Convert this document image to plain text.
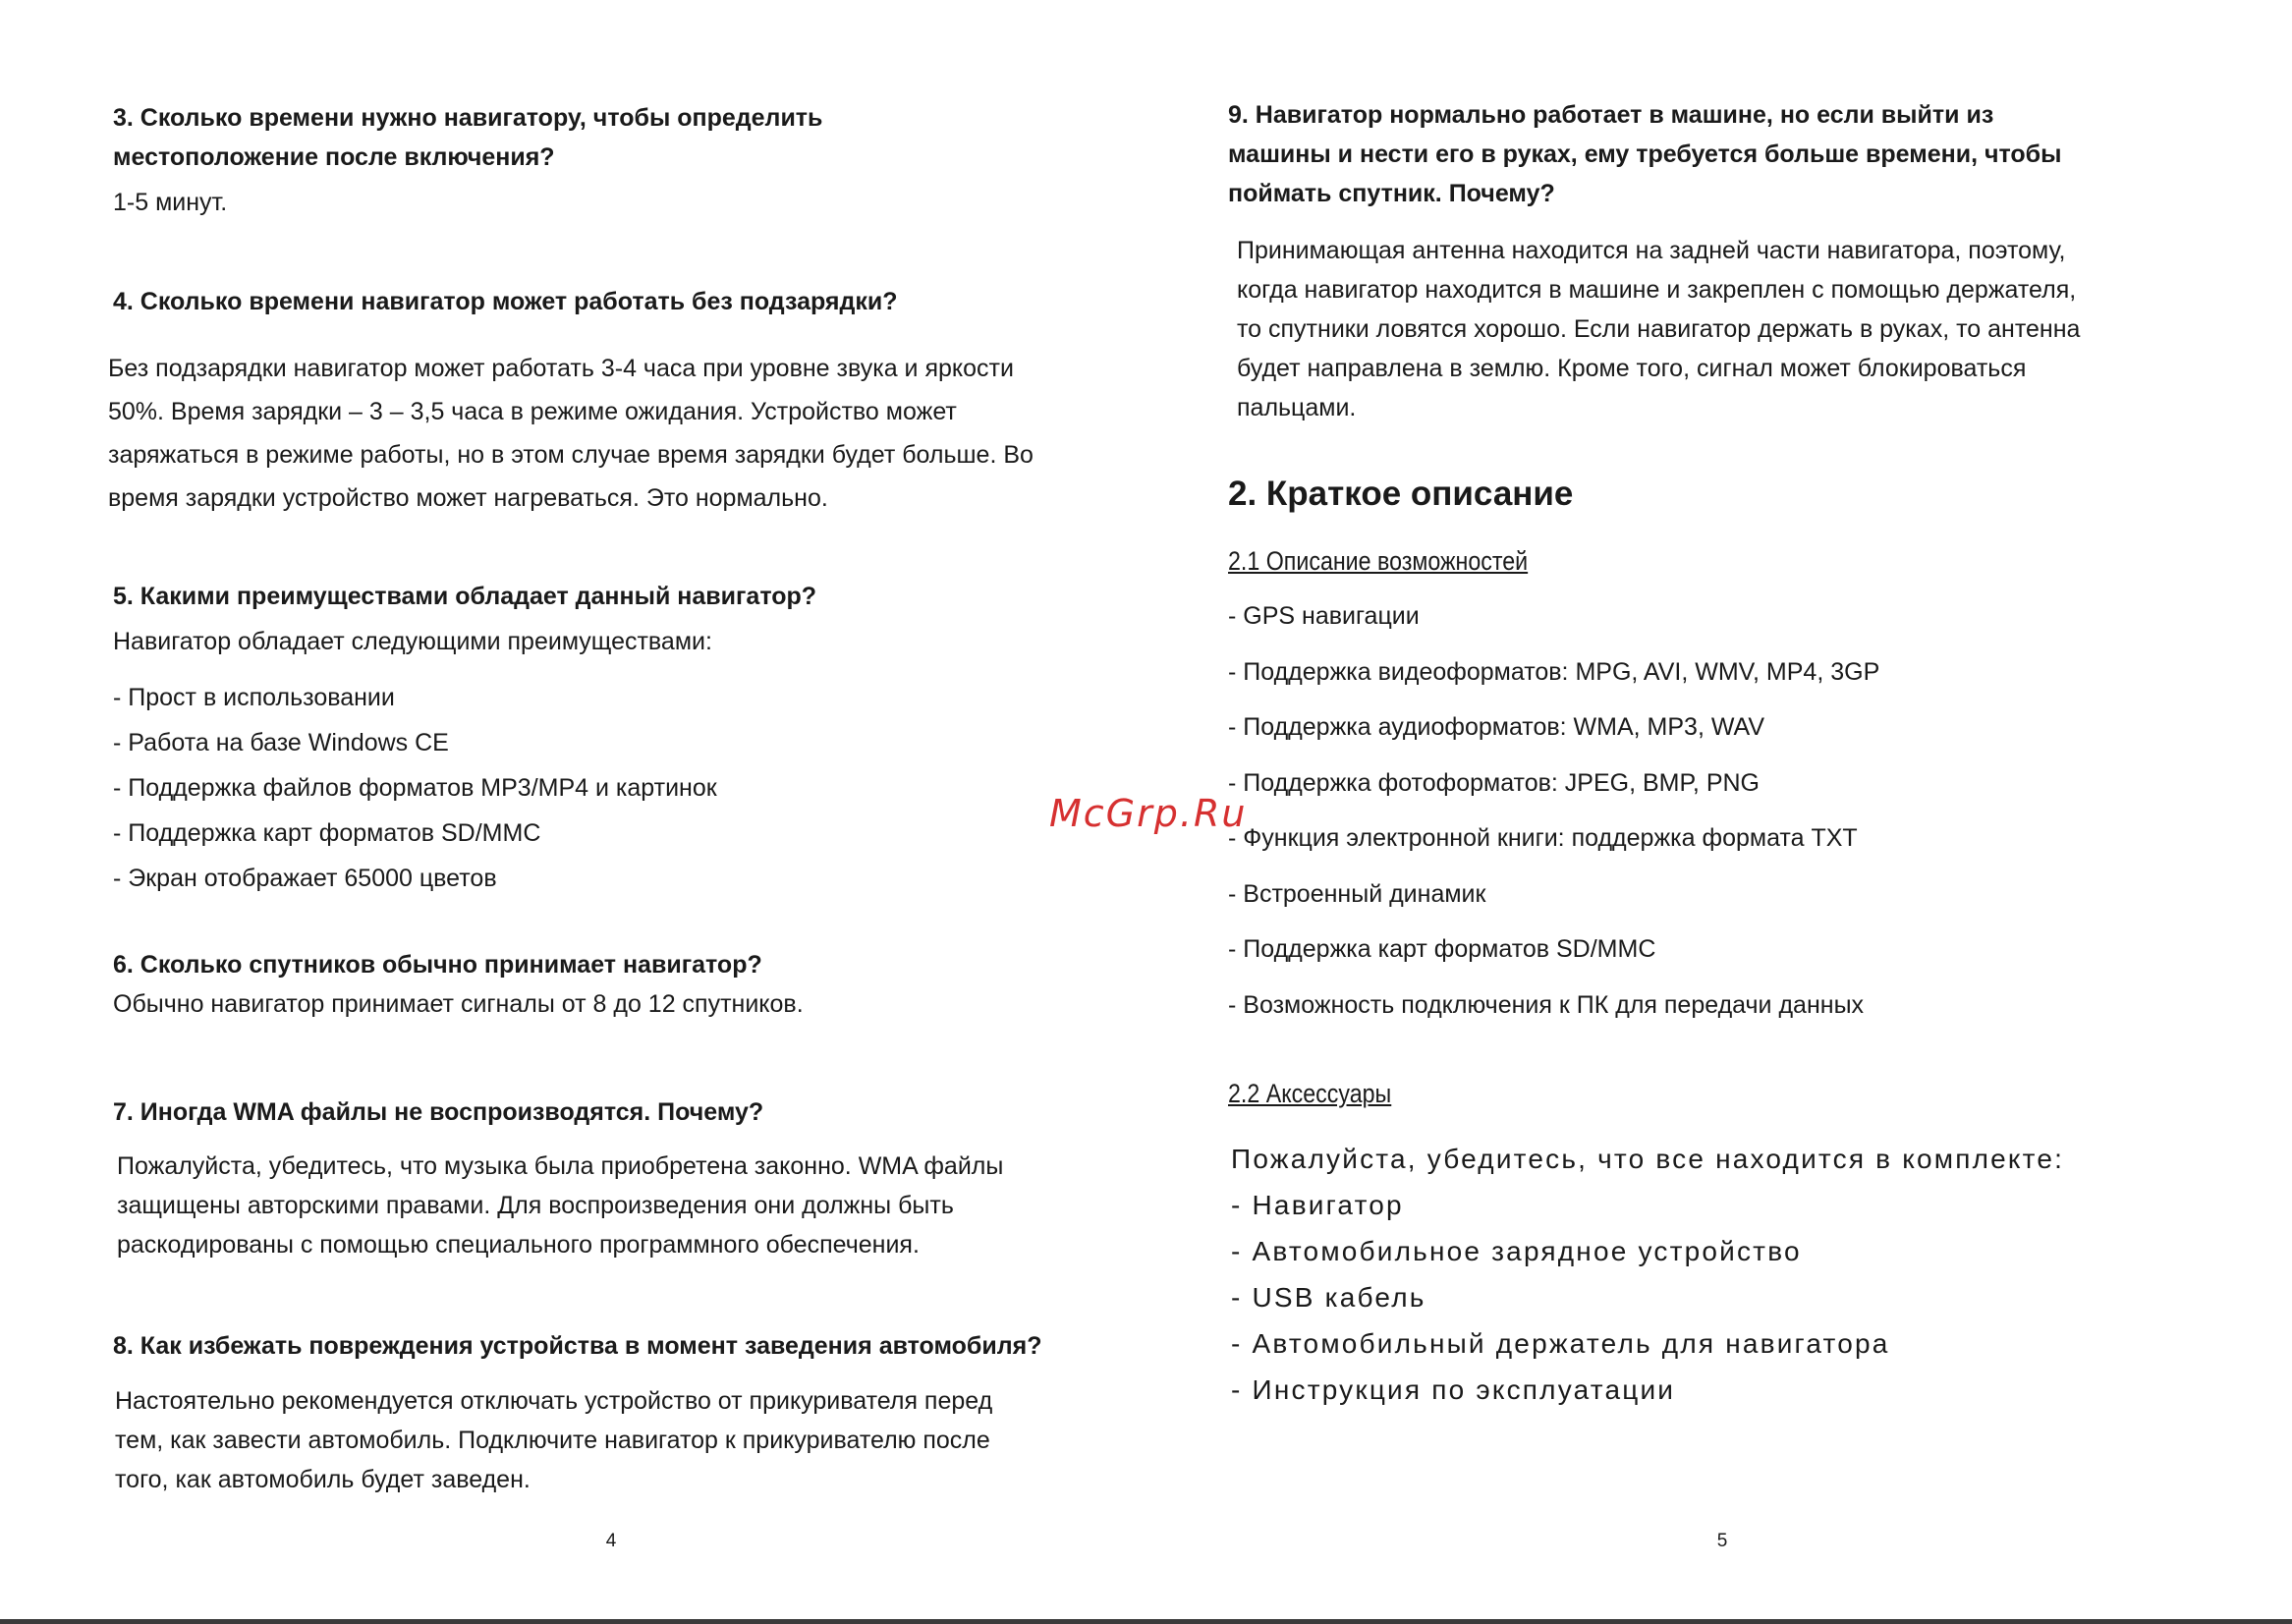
3. Сколько времени нужно навигатору, чтобы определить

местоположение после включения?

1-5 минут.

4. Сколько времени навигатор может работать без подзарядки?

Без подзарядки навигатор может работать 3-4 часа при уровне звука и яркости

50%. Время зарядки – 3 – 3,5 часа в режиме ожидания. Устройство может

заряжаться в режиме работы, но в этом случае время зарядки будет больше. Во

время зарядки устройство может нагреваться. Это нормально.

5. Какими преимуществами обладает данный навигатор?

Навигатор обладает следующими преимуществами:

- Прост в использовании

- Работа на базе Windows CE

- Поддержка файлов форматов MP3/MP4 и картинок

- Поддержка карт форматов SD/MMC

- Экран отображает 65000 цветов

6. Сколько спутников обычно принимает навигатор?

Обычно навигатор принимает сигналы от 8 до 12 спутников.

7. Иногда WMA файлы не воспроизводятся. Почему?

Пожалуйста, убедитесь, что музыка была приобретена законно. WMA файлы

защищены авторскими правами. Для воспроизведения они должны быть

раскодированы с помощью специального программного обеспечения.

8. Как избежать повреждения устройства в момент заведения автомобиля?

Настоятельно рекомендуется отключать устройство от прикуривателя перед

тем, как завести автомобиль. Подключите навигатор к прикуривателю после

того, как автомобиль будет заведен.

4

9. Навигатор нормально работает в машине, но если выйти из

машины и нести его в руках, ему требуется больше времени, чтобы

поймать спутник. Почему?

Принимающая антенна находится на задней части навигатора, поэтому,

когда навигатор находится в машине и закреплен с помощью держателя,

то спутники ловятся хорошо. Если навигатор держать в руках, то антенна

будет направлена в землю. Кроме того, сигнал может блокироваться

пальцами.

2. Краткое описание

2.1 Описание возможностей

- GPS навигации

- Поддержка видеоформатов: MPG, AVI, WMV, MP4, 3GP

- Поддержка аудиоформатов: WMA, MP3, WAV

- Поддержка фотоформатов: JPEG, BMP, PNG

- Функция электронной книги: поддержка формата TXT

- Встроенный динамик

- Поддержка карт форматов SD/MMC

- Возможность подключения к ПК для передачи данных

2.2 Аксессуары

Пожалуйста, убедитесь, что все находится в комплекте:

- Навигатор

- Автомобильное зарядное устройство

- USB кабель

- Автомобильный держатель для навигатора

- Инструкция по эксплуатации

5
McGrp.Ru
